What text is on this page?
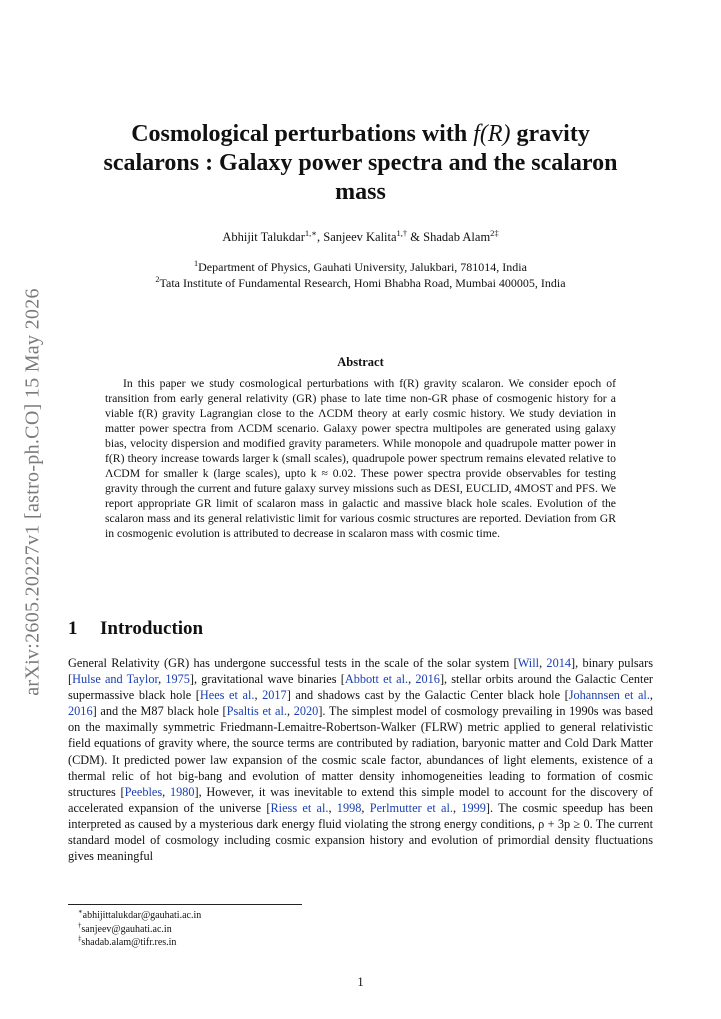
arXiv:2605.20227v1 [astro-ph.CO] 15 May 2026
Cosmological perturbations with f(R) gravity scalarons : Galaxy power spectra and the scalaron mass
Abhijit Talukdar$^{1,∗}$, Sanjeev Kalita$^{1,\dagger}$ & Shadab Alam$^{2\ddagger}$
$^1$Department of Physics, Gauhati University, Jalukbari, 781014, India
$^2$Tata Institute of Fundamental Research, Homi Bhabha Road, Mumbai 400005, India
Abstract

In this paper we study cosmological perturbations with f(R) gravity scalaron. We consider epoch of transition from early general relativity (GR) phase to late time non-GR phase of cosmogenic history for a viable f(R) gravity Lagrangian close to the ΛCDM theory at early cosmic history. We study deviation in matter power spectra from ΛCDM scenario. Galaxy power spectra multipoles are generated using galaxy bias, velocity dispersion and modified gravity parameters. While monopole and quadrupole matter power in f(R) theory increase towards larger k (small scales), quadrupole power spectrum remains elevated relative to ΛCDM for smaller k (large scales), upto k ≈ 0.02. These power spectra provide observables for testing gravity through the current and future galaxy survey missions such as DESI, EUCLID, 4MOST and PFS. We report appropriate GR limit of scalaron mass in galactic and massive black hole scales. Evolution of the scalaron mass and its general relativistic limit for various cosmic structures are reported. Deviation from GR in cosmogenic evolution is attributed to decrease in scalaron mass with cosmic time.

1 Introduction

General Relativity (GR) has undergone successful tests in the scale of the solar system [Will, 2014], binary pulsars [Hulse and Taylor, 1975], gravitational wave binaries [Abbott et al., 2016], stellar orbits around the Galactic Center supermassive black hole [Hees et al., 2017] and shadows cast by the Galactic Center black hole [Johannsen et al., 2016] and the M87 black hole [Psaltis et al., 2020]. The simplest model of cosmology prevailing in 1990s was based on the maximally symmetric Friedmann-Lemaitre-Robertson-Walker (FLRW) metric applied to general relativistic field equations of gravity where, the source terms are contributed by radiation, baryonic matter and Cold Dark Matter (CDM). It predicted power law expansion of the cosmic scale factor, abundances of light elements, existence of a thermal relic of hot big-bang and evolution of matter density inhomogeneities leading to formation of cosmic structures [Peebles, 1980], However, it was inevitable to extend this simple model to account for the discovery of accelerated expansion of the universe [Riess et al., 1998, Perlmutter et al., 1999]. The cosmic speedup has been interpreted as caused by a mysterious dark energy fluid violating the strong energy conditions, ρ + 3p ≥ 0. The current standard model of cosmology including cosmic expansion history and evolution of primordial density fluctuations gives meaningful

∗abhijittalukdar@gauhati.ac.in
†sanjeev@gauhati.ac.in
‡shadab.alam@tifr.res.in
1
